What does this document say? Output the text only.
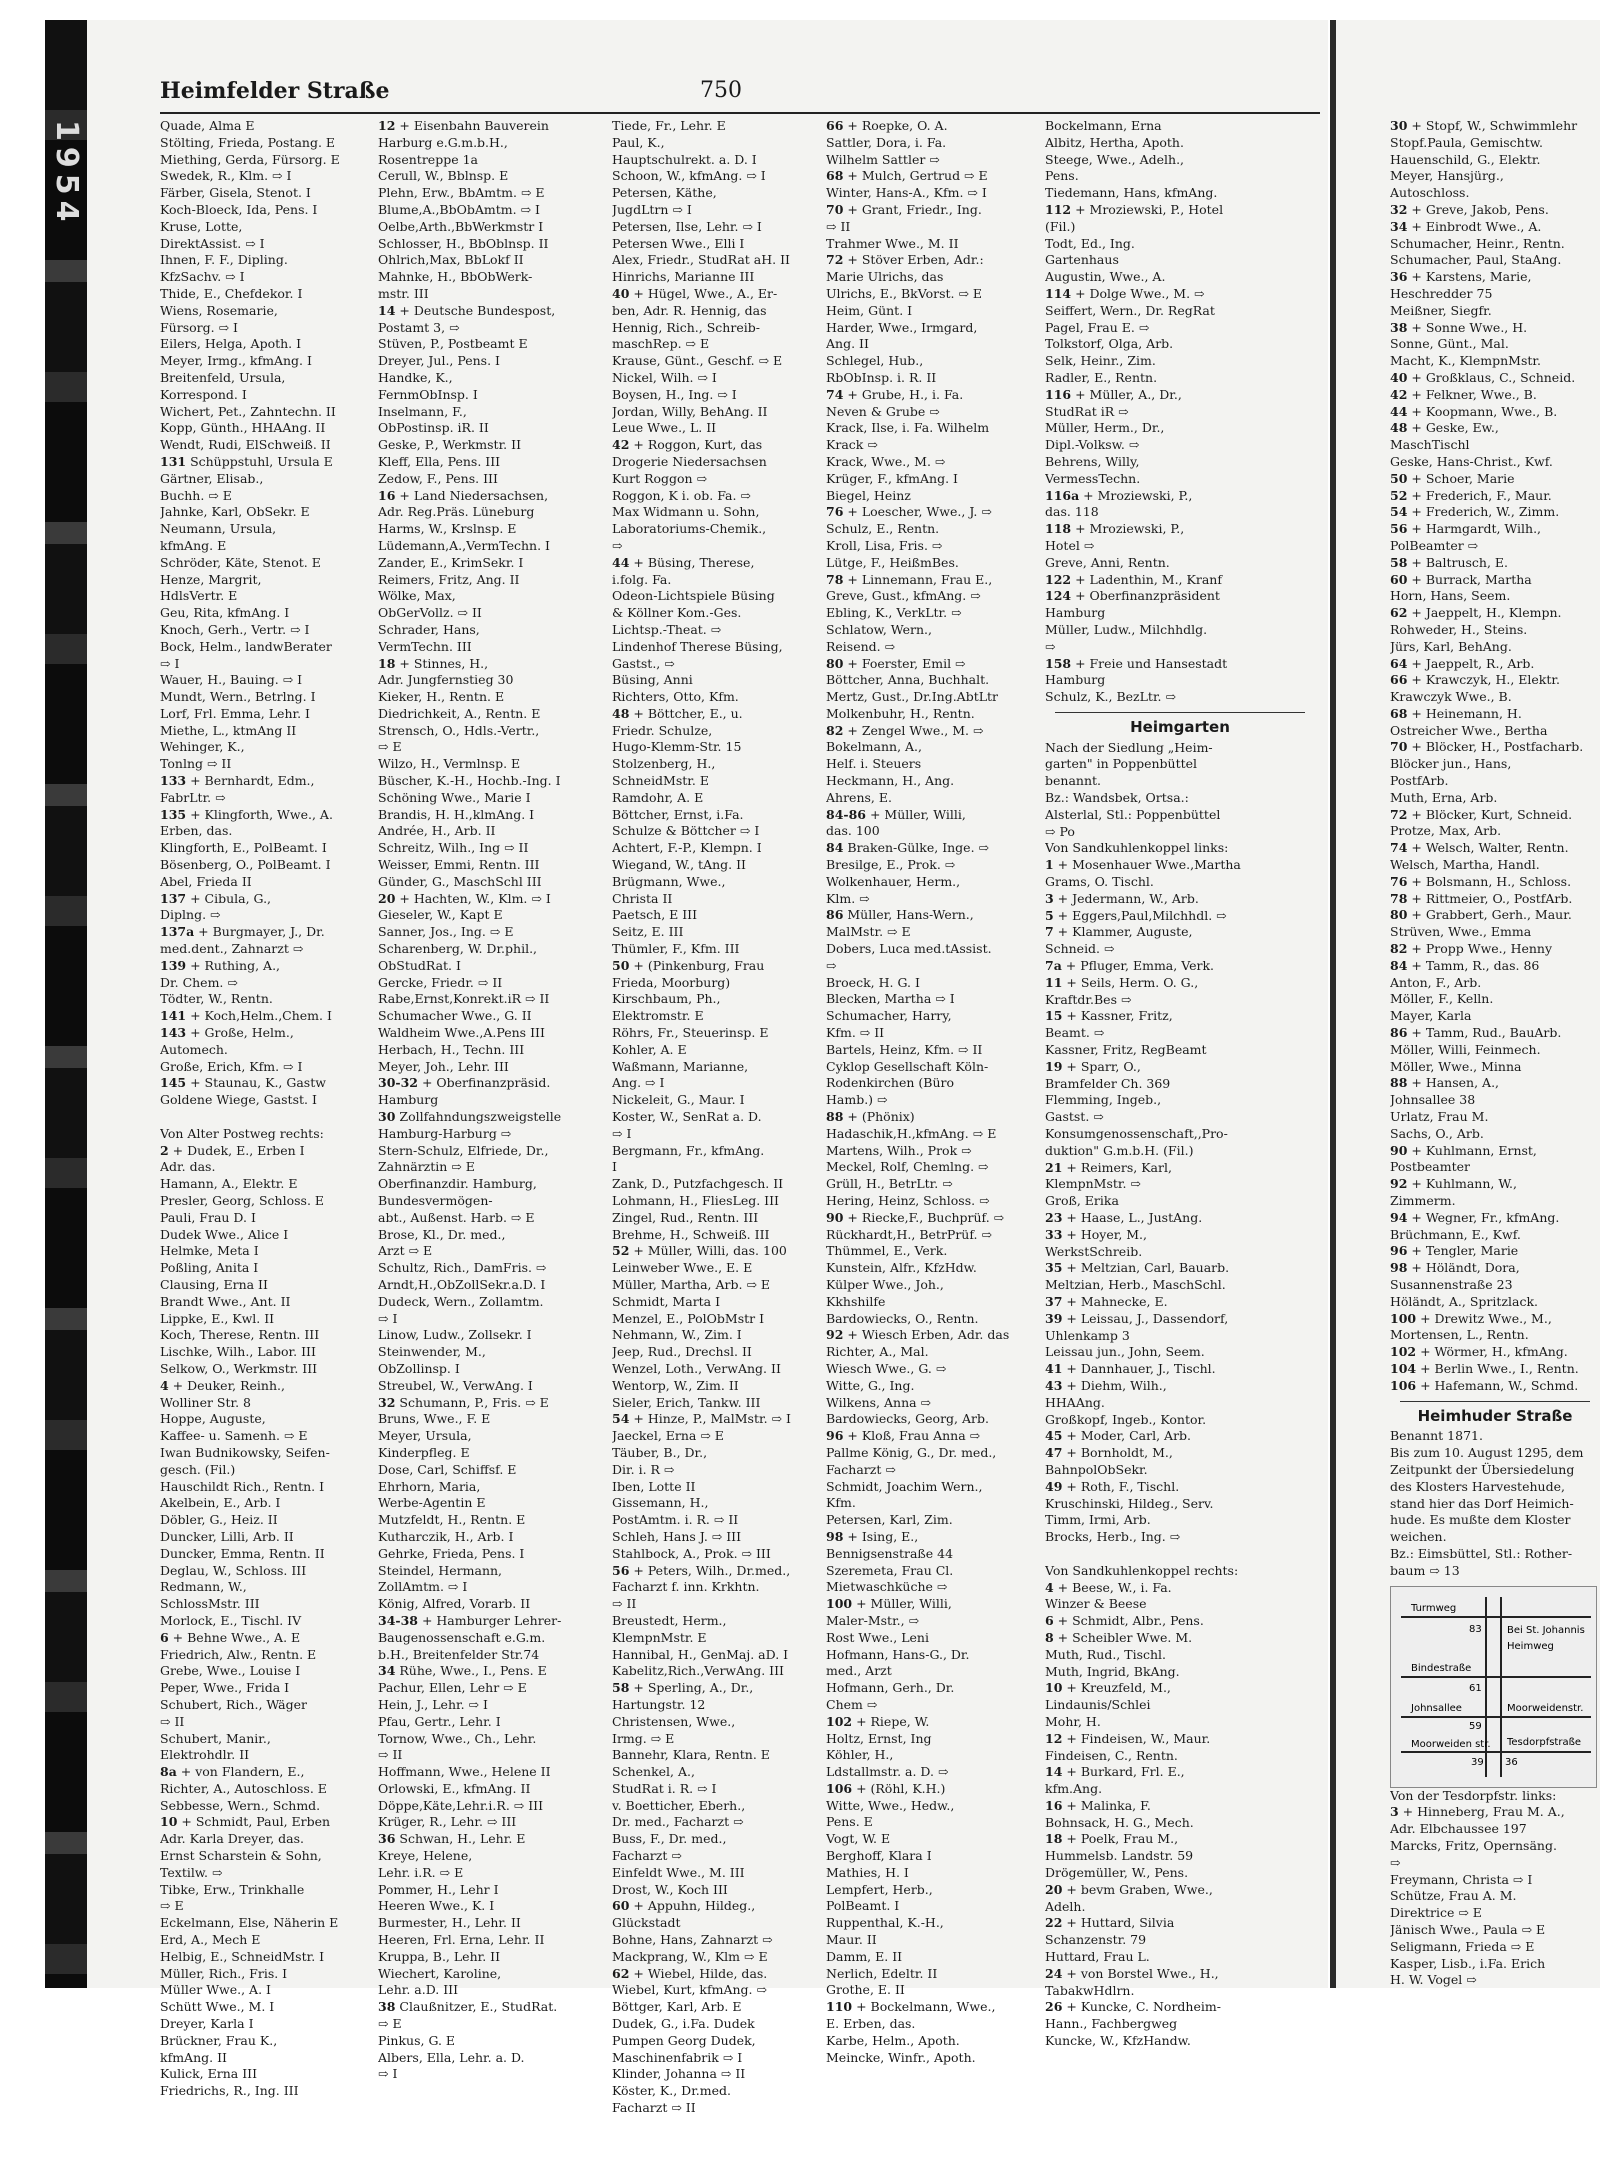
1954
Heimfelder Straße	750
Quade, Alma E
Stölting, Frieda, Postang. E
Miething, Gerda, Fürsorg. E
Swedek, R., Klm. ⇨ I
Färber, Gisela, Stenot. I
Koch-Bloeck, Ida, Pens. I
Kruse, Lotte,
DirektAssist. ⇨ I
Ihnen, F. F., Dipling.
KfzSachv. ⇨ I
Thide, E., Chefdekor. I
Wiens, Rosemarie,
Fürsorg. ⇨ I
Eilers, Helga, Apoth. I
Meyer, Irmg., kfmAng. I
Breitenfeld, Ursula,
Korrespond. I
Wichert, Pet., Zahntechn. II
Kopp, Günth., HHAAng. II
Wendt, Rudi, ElSchweiß. II
131 Schüppstuhl, Ursula E
Gärtner, Elisab.,
Buchh. ⇨ E
Jahnke, Karl, ObSekr. E
Neumann, Ursula,
kfmAng. E
Schröder, Käte, Stenot. E
Henze, Margrit,
HdlsVertr. E
Geu, Rita, kfmAng. I
Knoch, Gerh., Vertr. ⇨ I
Bock, Helm., landwBerater
⇨ I
Wauer, H., Bauing. ⇨ I
Mundt, Wern., Betrlng. I
Lorf, Frl. Emma, Lehr. I
Miethe, L., ktmAng II
Wehinger, K.,
Tonlng ⇨ II
133 + Bernhardt, Edm.,
FabrLtr. ⇨
135 + Klingforth, Wwe., A.
Erben, das.
Klingforth, E., PolBeamt. I
Bösenberg, O., PolBeamt. I
Abel, Frieda II
137 + Cibula, G.,
Diplng. ⇨
137a + Burgmayer, J., Dr.
med.dent., Zahnarzt ⇨
139 + Ruthing, A.,
Dr. Chem. ⇨
Tödter, W., Rentn.
141 + Koch,Helm.,Chem. I
143 + Große, Helm.,
Automech.
Große, Erich, Kfm. ⇨ I
145 + Staunau, K., Gastw
Goldene Wiege, Gastst. I

Von Alter Postweg rechts:
2 + Dudek, E., Erben I
Adr. das.
Hamann, A., Elektr. E
Presler, Georg, Schloss. E
Pauli, Frau D. I
Dudek Wwe., Alice I
Helmke, Meta I
Poßling, Anita I
Clausing, Erna II
Brandt Wwe., Ant. II
Lippke, E., Kwl. II
Koch, Therese, Rentn. III
Lischke, Wilh., Labor. III
Selkow, O., Werkmstr. III
4 + Deuker, Reinh.,
Wolliner Str. 8
Hoppe, Auguste,
Kaffee- u. Samenh. ⇨ E
Iwan Budnikowsky, Seifen-
gesch. (Fil.)
Hauschildt Rich., Rentn. I
Akelbein, E., Arb. I
Döbler, G., Heiz. II
Duncker, Lilli, Arb. II
Duncker, Emma, Rentn. II
Deglau, W., Schloss. III
Redmann, W.,
SchlossMstr. III
Morlock, E., Tischl. IV
6 + Behne Wwe., A. E
Friedrich, Alw., Rentn. E
Grebe, Wwe., Louise I
Peper, Wwe., Frida I
Schubert, Rich., Wäger
⇨ II
Schubert, Manir.,
Elektrohdlr. II
8a + von Flandern, E.,
Richter, A., Autoschloss. E
Sebbesse, Wern., Schmd.
10 + Schmidt, Paul, Erben
Adr. Karla Dreyer, das.
Ernst Scharstein & Sohn,
Textilw. ⇨
Tibke, Erw., Trinkhalle
⇨ E
Eckelmann, Else, Näherin E
Erd, A., Mech E
Helbig, E., SchneidMstr. I
Müller, Rich., Fris. I
Müller Wwe., A. I
Schütt Wwe., M. I
Dreyer, Karla I
Brückner, Frau K.,
kfmAng. II
Kulick, Erna III
Friedrichs, R., Ing. III
12 + Eisenbahn Bauverein
Harburg e.G.m.b.H.,
Rosentreppe 1a
Cerull, W., Bblnsp. E
Plehn, Erw., BbAmtm. ⇨ E
Blume,A.,BbObAmtm. ⇨ I
Oelbe,Arth.,BbWerkmstr I
Schlosser, H., BbOblnsp. II
Ohlrich,Max, BbLokf II
Mahnke, H., BbObWerk-
mstr. III
14 + Deutsche Bundespost,
Postamt 3, ⇨
Stüven, P., Postbeamt E
Dreyer, Jul., Pens. I
Handke, K.,
FernmObInsp. I
Inselmann, F.,
ObPostinsp. iR. II
Geske, P., Werkmstr. II
Kleff, Ella, Pens. III
Zedow, F., Pens. III
16 + Land Niedersachsen,
Adr. Reg.Präs. Lüneburg
Harms, W., Krslnsp. E
Lüdemann,A.,VermTechn. I
Zander, E., KrimSekr. I
Reimers, Fritz, Ang. II
Wölke, Max,
ObGerVollz. ⇨ II
Schrader, Hans,
VermTechn. III
18 + Stinnes, H.,
Adr. Jungfernstieg 30
Kieker, H., Rentn. E
Diedrichkeit, A., Rentn. E
Strensch, O., Hdls.-Vertr.,
⇨ E
Wilzo, H., Vermlnsp. E
Büscher, K.-H., Hochb.-Ing. I
Schöning Wwe., Marie I
Brandis, H. H.,klmAng. I
Andrée, H., Arb. II
Schreitz, Wilh., Ing ⇨ II
Weisser, Emmi, Rentn. III
Günder, G., MaschSchl III
20 + Hachten, W., Klm. ⇨ I
Gieseler, W., Kapt E
Sanner, Jos., Ing. ⇨ E
Scharenberg, W. Dr.phil.,
ObStudRat. I
Gercke, Friedr. ⇨ II
Rabe,Ernst,Konrekt.iR ⇨ II
Schumacher Wwe., G. II
Waldheim Wwe.,A.Pens III
Herbach, H., Techn. III
Meyer, Joh., Lehr. III
30-32 + Oberfinanzpräsid.
Hamburg
30 Zollfahndungszweigstelle
Hamburg-Harburg ⇨
Stern-Schulz, Elfriede, Dr.,
Zahnärztin ⇨ E
Oberfinanzdir. Hamburg,
Bundesvermögen-
abt., Außenst. Harb. ⇨ E
Brose, Kl., Dr. med.,
Arzt ⇨ E
Schultz, Rich., DamFris. ⇨
Arndt,H.,ObZollSekr.a.D. I
Dudeck, Wern., Zollamtm.
⇨ I
Linow, Ludw., Zollsekr. I
Steinwender, M.,
ObZollinsp. I
Streubel, W., VerwAng. I
32 Schumann, P., Fris. ⇨ E
Bruns, Wwe., F. E
Meyer, Ursula,
Kinderpfleg. E
Dose, Carl, Schiffsf. E
Ehrhorn, Maria,
Werbe-Agentin E
Mutzfeldt, H., Rentn. E
Kutharczik, H., Arb. I
Gehrke, Frieda, Pens. I
Steindel, Hermann,
ZollAmtm. ⇨ I
König, Alfred, Vorarb. II
34-38 + Hamburger Lehrer-
Baugenossenschaft e.G.m.
b.H., Breitenfelder Str.74
34 Rühe, Wwe., I., Pens. E
Pachur, Ellen, Lehr ⇨ E
Hein, J., Lehr. ⇨ I
Pfau, Gertr., Lehr. I
Tornow, Wwe., Ch., Lehr.
⇨ II
Hoffmann, Wwe., Helene II
Orlowski, E., kfmAng. II
Döppe,Käte,Lehr.i.R. ⇨ III
Krüger, R., Lehr. ⇨ III
36 Schwan, H., Lehr. E
Kreye, Helene,
Lehr. i.R. ⇨ E
Pommer, H., Lehr I
Heeren Wwe., K. I
Burmester, H., Lehr. II
Heeren, Frl. Erna, Lehr. II
Kruppa, B., Lehr. II
Wiechert, Karoline,
Lehr. a.D. III
38 Claußnitzer, E., StudRat.
⇨ E
Pinkus, G. E
Albers, Ella, Lehr. a. D.
⇨ I
Tiede, Fr., Lehr. E
Paul, K.,
Hauptschulrekt. a. D. I
Schoon, W., kfmAng. ⇨ I
Petersen, Käthe,
JugdLtrn ⇨ I
Petersen, Ilse, Lehr. ⇨ I
Petersen Wwe., Elli I
Alex, Friedr., StudRat aH. II
Hinrichs, Marianne III
40 + Hügel, Wwe., A., Er-
ben, Adr. R. Hennig, das
Hennig, Rich., Schreib-
maschRep. ⇨ E
Krause, Günt., Geschf. ⇨ E
Nickel, Wilh. ⇨ I
Boysen, H., Ing. ⇨ I
Jordan, Willy, BehAng. II
Leue Wwe., L. II
42 + Roggon, Kurt, das
Drogerie Niedersachsen
Kurt Roggon ⇨
Roggon, K i. ob. Fa. ⇨
Max Widmann u. Sohn,
Laboratoriums-Chemik.,
⇨
44 + Büsing, Therese,
i.folg. Fa.
Odeon-Lichtspiele Büsing
& Köllner Kom.-Ges.
Lichtsp.-Theat. ⇨
Lindenhof Therese Büsing,
Gastst., ⇨
Büsing, Anni
Richters, Otto, Kfm.
48 + Böttcher, E., u.
Friedr. Schulze,
Hugo-Klemm-Str. 15
Stolzenberg, H.,
SchneidMstr. E
Ramdohr, A. E
Böttcher, Ernst, i.Fa.
Schulze & Böttcher ⇨ I
Achtert, F.-P., Klempn. I
Wiegand, W., tAng. II
Brügmann, Wwe.,
Christa II
Paetsch, E III
Seitz, E. III
Thümler, F., Kfm. III
50 + (Pinkenburg, Frau
Frieda, Moorburg)
Kirschbaum, Ph.,
Elektromstr. E
Röhrs, Fr., Steuerinsp. E
Kohler, A. E
Waßmann, Marianne,
Ang. ⇨ I
Nickeleit, G., Maur. I
Koster, W., SenRat a. D.
⇨ I
Bergmann, Fr., kfmAng.
I
Zank, D., Putzfachgesch. II
Lohmann, H., FliesLeg. III
Zingel, Rud., Rentn. III
Brehme, H., Schweiß. III
52 + Müller, Willi, das. 100
Leinweber Wwe., E. E
Müller, Martha, Arb. ⇨ E
Schmidt, Marta I
Menzel, E., PolObMstr I
Nehmann, W., Zim. I
Jeep, Rud., Drechsl. II
Wenzel, Loth., VerwAng. II
Wentorp, W., Zim. II
Sieler, Erich, Tankw. III
54 + Hinze, P., MalMstr. ⇨ I
Jaeckel, Erna ⇨ E
Täuber, B., Dr.,
Dir. i. R ⇨
Iben, Lotte II
Gissemann, H.,
PostAmtm. i. R. ⇨ II
Schleh, Hans J. ⇨ III
Stahlbock, A., Prok. ⇨ III
56 + Peters, Wilh., Dr.med.,
Facharzt f. inn. Krkhtn.
⇨ II
Breustedt, Herm.,
KlempnMstr. E
Hannibal, H., GenMaj. aD. I
Kabelitz,Rich.,VerwAng. III
58 + Sperling, A., Dr.,
Hartungstr. 12
Christensen, Wwe.,
Irmg. ⇨ E
Bannehr, Klara, Rentn. E
Schenkel, A.,
StudRat i. R. ⇨ I
v. Boetticher, Eberh.,
Dr. med., Facharzt ⇨
Buss, F., Dr. med.,
Facharzt ⇨
Einfeldt Wwe., M. III
Drost, W., Koch III
60 + Appuhn, Hildeg.,
Glückstadt
Bohne, Hans, Zahnarzt ⇨
Mackprang, W., Klm ⇨ E
62 + Wiebel, Hilde, das.
Wiebel, Kurt, kfmAng. ⇨
Böttger, Karl, Arb. E
Dudek, G., i.Fa. Dudek
Pumpen Georg Dudek,
Maschinenfabrik ⇨ I
Klinder, Johanna ⇨ II
Köster, K., Dr.med.
Facharzt ⇨ II
66 + Roepke, O. A.
Sattler, Dora, i. Fa.
Wilhelm Sattler ⇨
68 + Mulch, Gertrud ⇨ E
Winter, Hans-A., Kfm. ⇨ I
70 + Grant, Friedr., Ing.
⇨ II
Trahmer Wwe., M. II
72 + Stöver Erben, Adr.:
Marie Ulrichs, das
Ulrichs, E., BkVorst. ⇨ E
Heim, Günt. I
Harder, Wwe., Irmgard,
Ang. II
Schlegel, Hub.,
RbObInsp. i. R. II
74 + Grube, H., i. Fa.
Neven & Grube ⇨
Krack, Ilse, i. Fa. Wilhelm
Krack ⇨
Krack, Wwe., M. ⇨
Krüger, F., kfmAng. I
Biegel, Heinz
76 + Loescher, Wwe., J. ⇨
Schulz, E., Rentn.
Kroll, Lisa, Fris. ⇨
Lütge, F., HeißmBes.
78 + Linnemann, Frau E.,
Greve, Gust., kfmAng. ⇨
Ebling, K., VerkLtr. ⇨
Schlatow, Wern.,
Reisend. ⇨
80 + Foerster, Emil ⇨
Böttcher, Anna, Buchhalt.
Mertz, Gust., Dr.Ing.AbtLtr
Molkenbuhr, H., Rentn.
82 + Zengel Wwe., M. ⇨
Bokelmann, A.,
Helf. i. Steuers
Heckmann, H., Ang.
Ahrens, E.
84-86 + Müller, Willi,
das. 100
84 Braken-Gülke, Inge. ⇨
Bresilge, E., Prok. ⇨
Wolkenhauer, Herm.,
Klm. ⇨
86 Müller, Hans-Wern.,
MalMstr. ⇨ E
Dobers, Luca med.tAssist.
⇨
Broeck, H. G. I
Blecken, Martha ⇨ I
Schumacher, Harry,
Kfm. ⇨ II
Bartels, Heinz, Kfm. ⇨ II
Cyklop Gesellschaft Köln-
Rodenkirchen (Büro
Hamb.) ⇨
88 + (Phönix)
Hadaschik,H.,kfmAng. ⇨ E
Martens, Wilh., Prok ⇨
Meckel, Rolf, Chemlng. ⇨
Grüll, H., BetrLtr. ⇨
Hering, Heinz, Schloss. ⇨
90 + Riecke,F., Buchprüf. ⇨
Rückhardt,H., BetrPrüf. ⇨
Thümmel, E., Verk.
Kunstein, Alfr., KfzHdw.
Külper Wwe., Joh.,
Kkhshilfe
Bardowiecks, O., Rentn.
92 + Wiesch Erben, Adr. das
Richter, A., Mal.
Wiesch Wwe., G. ⇨
Witte, G., Ing.
Wilkens, Anna ⇨
Bardowiecks, Georg, Arb.
96 + Kloß, Frau Anna ⇨
Pallme König, G., Dr. med.,
Facharzt ⇨
Schmidt, Joachim Wern.,
Kfm.
Petersen, Karl, Zim.
98 + Ising, E.,
Bennigsenstraße 44
Szeremeta, Frau Cl.
Mietwaschküche ⇨
100 + Müller, Willi,
Maler-Mstr., ⇨
Rost Wwe., Leni
Hofmann, Hans-G., Dr.
med., Arzt
Hofmann, Gerh., Dr.
Chem ⇨
102 + Riepe, W.
Holtz, Ernst, Ing
Köhler, H.,
Ldstallmstr. a. D. ⇨
106 + (Röhl, K.H.)
Witte, Wwe., Hedw.,
Pens. E
Vogt, W. E
Berghoff, Klara I
Mathies, H. I
Lempfert, Herb.,
PolBeamt. I
Ruppenthal, K.-H.,
Maur. II
Damm, E. II
Nerlich, Edeltr. II
Grothe, E. II
110 + Bockelmann, Wwe.,
E. Erben, das.
Karbe, Helm., Apoth.
Meincke, Winfr., Apoth.
Bockelmann, Erna
Albitz, Hertha, Apoth.
Steege, Wwe., Adelh.,
Pens.
Tiedemann, Hans, kfmAng.
112 + Mroziewski, P., Hotel
(Fil.)
Todt, Ed., Ing.
Gartenhaus
Augustin, Wwe., A.
114 + Dolge Wwe., M. ⇨
Seiffert, Wern., Dr. RegRat
Pagel, Frau E. ⇨
Tolkstorf, Olga, Arb.
Selk, Heinr., Zim.
Radler, E., Rentn.
116 + Müller, A., Dr.,
StudRat iR ⇨
Müller, Herm., Dr.,
Dipl.-Volksw. ⇨
Behrens, Willy,
VermessTechn.
116a + Mroziewski, P.,
das. 118
118 + Mroziewski, P.,
Hotel ⇨
Greve, Anni, Rentn.
122 + Ladenthin, M., Kranf
124 + Oberfinanzpräsident
Hamburg
Müller, Ludw., Milchhdlg.
⇨
158 + Freie und Hansestadt
Hamburg
Schulz, K., BezLtr. ⇨
Heimgarten
Nach der Siedlung „Heim-
garten" in Poppenbüttel
benannt.
Bz.: Wandsbek, Ortsa.:
Alsterlal, Stl.: Poppenbüttel
⇨ Po
Von Sandkuhlenkoppel links:
1 + Mosenhauer Wwe.,Martha
Grams, O. Tischl.
3 + Jedermann, W., Arb.
5 + Eggers,Paul,Milchhdl. ⇨
7 + Klammer, Auguste,
Schneid. ⇨
7a + Pfluger, Emma, Verk.
11 + Seils, Herm. O. G.,
Kraftdr.Bes ⇨
15 + Kassner, Fritz,
Beamt. ⇨
Kassner, Fritz, RegBeamt
19 + Sparr, O.,
Bramfelder Ch. 369
Flemming, Ingeb.,
Gastst. ⇨
Konsumgenossenschaft,,Pro-
duktion" G.m.b.H. (Fil.)
21 + Reimers, Karl,
KlempnMstr. ⇨
Groß, Erika
23 + Haase, L., JustAng.
33 + Hoyer, M.,
WerkstSchreib.
35 + Meltzian, Carl, Bauarb.
Meltzian, Herb., MaschSchl.
37 + Mahnecke, E.
39 + Leissau, J., Dassendorf,
Uhlenkamp 3
Leissau jun., John, Seem.
41 + Dannhauer, J., Tischl.
43 + Diehm, Wilh.,
HHAAng.
Großkopf, Ingeb., Kontor.
45 + Moder, Carl, Arb.
47 + Bornholdt, M.,
BahnpolObSekr.
49 + Roth, F., Tischl.
Kruschinski, Hildeg., Serv.
Timm, Irmi, Arb.
Brocks, Herb., Ing. ⇨

Von Sandkuhlenkoppel rechts:
4 + Beese, W., i. Fa.
Winzer & Beese
6 + Schmidt, Albr., Pens.
8 + Scheibler Wwe. M.
Muth, Rud., Tischl.
Muth, Ingrid, BkAng.
10 + Kreuzfeld, M.,
Lindaunis/Schlei
Mohr, H.
12 + Findeisen, W., Maur.
Findeisen, C., Rentn.
14 + Burkard, Frl. E.,
kfm.Ang.
16 + Malinka, F.
Bohnsack, H. G., Mech.
18 + Poelk, Frau M.,
Hummelsb. Landstr. 59
Drögemüller, W., Pens.
20 + bevm Graben, Wwe.,
Adelh.
22 + Huttard, Silvia
Schanzenstr. 79
Huttard, Frau L.
24 + von Borstel Wwe., H.,
TabakwHdlrn.
26 + Kuncke, C. Nordheim-
Hann., Fachbergweg
Kuncke, W., KfzHandw.
30 + Stopf, W., Schwimmlehr
Stopf.Paula, Gemischtw.
Hauenschild, G., Elektr.
Meyer, Hansjürg.,
Autoschloss.
32 + Greve, Jakob, Pens.
34 + Einbrodt Wwe., A.
Schumacher, Heinr., Rentn.
Schumacher, Paul, StaAng.
36 + Karstens, Marie,
Heschredder 75
Meißner, Siegfr.
38 + Sonne Wwe., H.
Sonne, Günt., Mal.
Macht, K., KlempnMstr.
40 + Großklaus, C., Schneid.
42 + Felkner, Wwe., B.
44 + Koopmann, Wwe., B.
48 + Geske, Ew.,
MaschTischl
Geske, Hans-Christ., Kwf.
50 + Schoer, Marie
52 + Frederich, F., Maur.
54 + Frederich, W., Zimm.
56 + Harmgardt, Wilh.,
PolBeamter ⇨
58 + Baltrusch, E.
60 + Burrack, Martha
Horn, Hans, Seem.
62 + Jaeppelt, H., Klempn.
Rohweder, H., Steins.
Jürs, Karl, BehAng.
64 + Jaeppelt, R., Arb.
66 + Krawczyk, H., Elektr.
Krawczyk Wwe., B.
68 + Heinemann, H.
Ostreicher Wwe., Bertha
70 + Blöcker, H., Postfacharb.
Blöcker jun., Hans,
PostfArb.
Muth, Erna, Arb.
72 + Blöcker, Kurt, Schneid.
Protze, Max, Arb.
74 + Welsch, Walter, Rentn.
Welsch, Martha, Handl.
76 + Bolsmann, H., Schloss.
78 + Rittmeier, O., PostfArb.
80 + Grabbert, Gerh., Maur.
Strüven, Wwe., Emma
82 + Propp Wwe., Henny
84 + Tamm, R., das. 86
Anton, F., Arb.
Möller, F., Kelln.
Mayer, Karla
86 + Tamm, Rud., BauArb.
Möller, Willi, Feinmech.
Möller, Wwe., Minna
88 + Hansen, A.,
Johnsallee 38
Urlatz, Frau M.
Sachs, O., Arb.
90 + Kuhlmann, Ernst,
Postbeamter
92 + Kuhlmann, W.,
Zimmerm.
94 + Wegner, Fr., kfmAng.
Brüchmann, E., Kwf.
96 + Tengler, Marie
98 + Höländt, Dora,
Susannenstraße 23
Höländt, A., Spritzlack.
100 + Drewitz Wwe., M.,
Mortensen, L., Rentn.
102 + Wörmer, H., kfmAng.
104 + Berlin Wwe., I., Rentn.
106 + Hafemann, W., Schmd.
Heimhuder Straße
Benannt 1871.
Bis zum 10. August 1295, dem
Zeitpunkt der Übersiedelung
des Klosters Harvestehude,
stand hier das Dorf Heimich-
hude. Es mußte dem Kloster
weichen.
Bz.: Eimsbüttel, Stl.: Rother-
baum ⇨ 13
Turmweg
Bei St. Johannis
Heimweg
Bindestraße
Johnsallee	Moorweidenstr.
Moorweiden str. Tesdorpfstraße
83
61
59
39 36
Von der Tesdorpfstr. links:
3 + Hinneberg, Frau M. A.,
Adr. Elbchaussee 197
Marcks, Fritz, Opernsäng.
⇨
Freymann, Christa ⇨ I
Schütze, Frau A. M.
Direktrice ⇨ E
Jänisch Wwe., Paula ⇨ E
Seligmann, Frieda ⇨ E
Kasper, Lisb., i.Fa. Erich
H. W. Vogel ⇨
